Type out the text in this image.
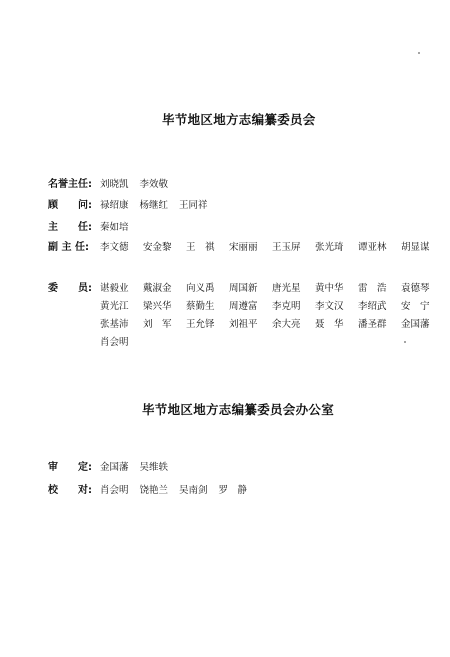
毕节地区地方志编纂委员会
名誉主任: 刘晓凯 李效敬
顾　　问: 禄绍康 杨继红 王同祥
主　　任: 秦如培
副 主 任: 李文德 安金黎 王　祺 宋丽丽 王玉屏 张光琦 谭亚林 胡显谋
委　　员: 谌毅业 戴淑金 向义禹 周国新 唐光星 黄中华 雷　浩 袁德琴黄光江 梁兴华 蔡勤生 周遵富 李克明 李文汉 李绍武 安　宁张基沛 刘　军 王允铎 刘祖平 余大亮 聂　华 潘圣群 金国藩肖会明
毕节地区地方志编纂委员会办公室
审　　定: 金国藩 吴维轶
校　　对: 肖会明 饶艳兰 吴南剑 罗　静
